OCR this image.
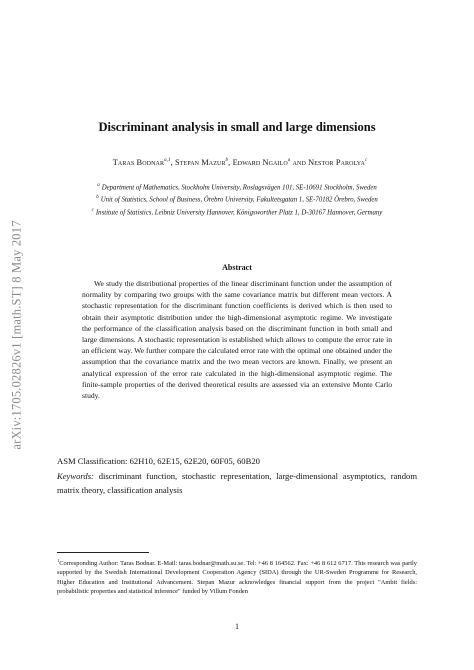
arXiv:1705.02826v1 [math.ST] 8 May 2017
Discriminant analysis in small and large dimensions
Taras Bodnar$^{a,1}$, Stepan Mazur$^b$, Edward Ngailo$^a$ and Nestor Parolya$^c$
$^a$ Department of Mathematics, Stockholm University, Roslagsvägen 101, SE-10691 Stockholm, Sweden
$^b$ Unit of Statistics, School of Business, Örebro University, Fakultetsgatan 1, SE-70182 Örebro, Sweden
$^c$ Institute of Statistics, Leibniz University Hannover, Königsworther Platz 1, D-30167 Hannover, Germany
Abstract
We study the distributional properties of the linear discriminant function under the assumption of normality by comparing two groups with the same covariance matrix but different mean vectors. A stochastic representation for the discriminant function coefficients is derived which is then used to obtain their asymptotic distribution under the high-dimensional asymptotic regime. We investigate the performance of the classification analysis based on the discriminant function in both small and large dimensions. A stochastic representation is established which allows to compute the error rate in an efficient way. We further compare the calculated error rate with the optimal one obtained under the assumption that the covariance matrix and the two mean vectors are known. Finally, we present an analytical expression of the error rate calculated in the high-dimensional asymptotic regime. The finite-sample properties of the derived theoretical results are assessed via an extensive Monte Carlo study.
ASM Classification: 62H10, 62E15, 62E20, 60F05, 60B20
Keywords: discriminant function, stochastic representation, large-dimensional asymptotics, random matrix theory, classification analysis
$^1$Corresponding Author: Taras Bodnar. E-Mail: taras.bodnar@math.su.se. Tel: +46 8 164562. Fax: +46 8 612 6717. This research was partly supported by the Swedish International Development Cooperation Agency (SIDA) through the UR-Sweden Programme for Research, Higher Education and Institutional Advancement. Stepan Mazur acknowledges financial support from the project "Ambit fields: probabilistic properties and statistical inference" funded by Villum Fonden
1
